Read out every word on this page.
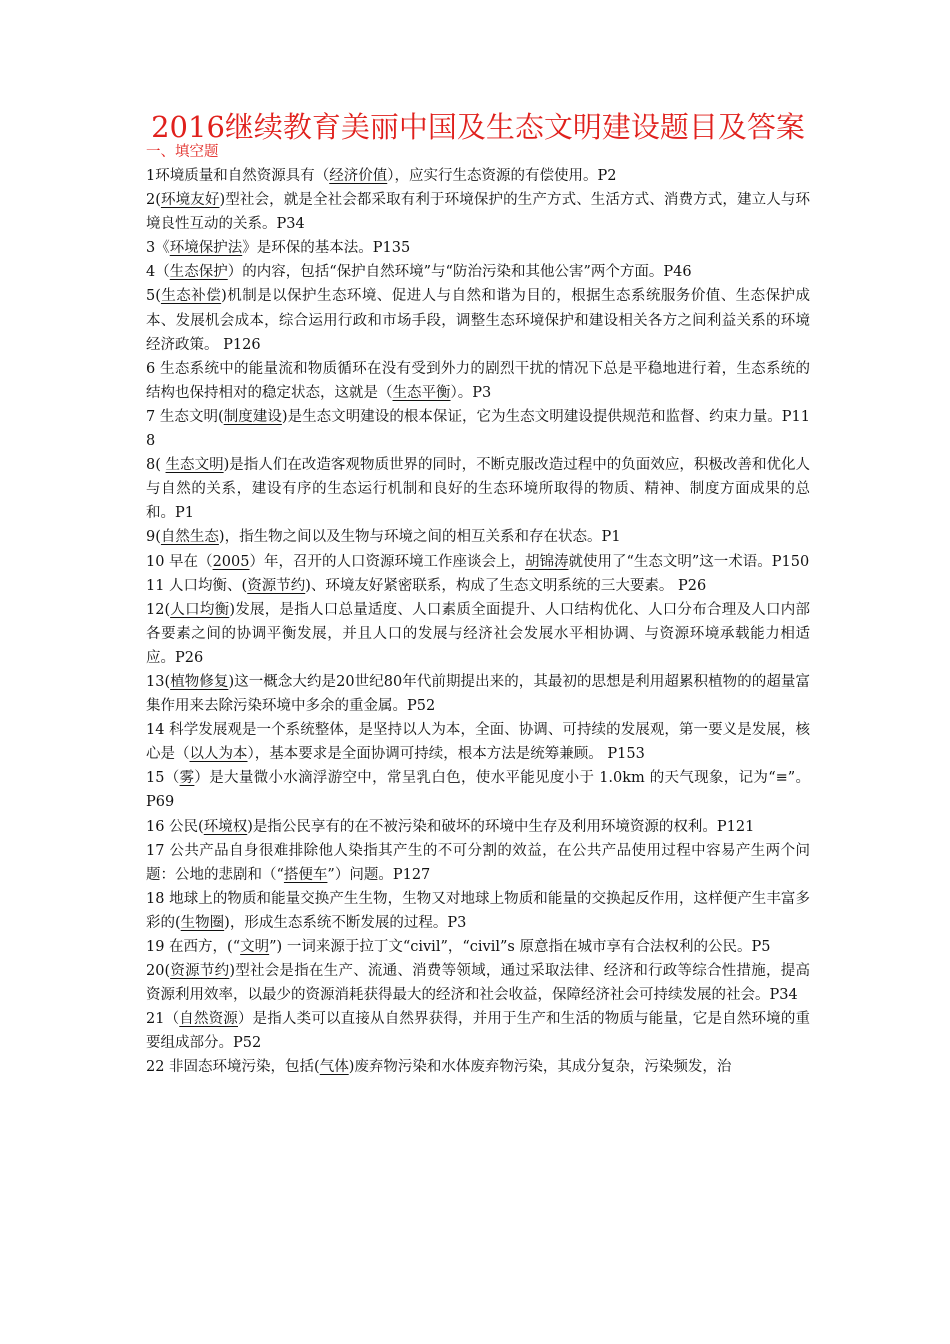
2016继续教育美丽中国及生态文明建设题目及答案
一、填空题

1环境质量和自然资源具有（经济价值），应实行生态资源的有偿使用。P2

2(环境友好)型社会，就是全社会都采取有利于环境保护的生产方式、生活方式、消费方式，建立人与环境良性互动的关系。P34

3《环境保护法》是环保的基本法。P135

4（生态保护）的内容，包括“保护自然环境”与“防治污染和其他公害”两个方面。P46

5(生态补偿)机制是以保护生态环境、促进人与自然和谐为目的，根据生态系统服务价值、生态保护成本、发展机会成本，综合运用行政和市场手段，调整生态环境保护和建设相关各方之间利益关系的环境经济政策。 P126

6 生态系统中的能量流和物质循环在没有受到外力的剧烈干扰的情况下总是平稳地进行着，生态系统的结构也保持相对的稳定状态，这就是（生态平衡）。P3

7 生态文明(制度建设)是生态文明建设的根本保证，它为生态文明建设提供规范和监督、约束力量。P118

8( 生态文明)是指人们在改造客观物质世界的同时，不断克服改造过程中的负面效应，积极改善和优化人与自然的关系，建设有序的生态运行机制和良好的生态环境所取得的物质、精神、制度方面成果的总和。P1

9(自然生态)，指生物之间以及生物与环境之间的相互关系和存在状态。P1

10 早在（2005）年，召开的人口资源环境工作座谈会上，胡锦涛就使用了“生态文明”这一术语。P150

11 人口均衡、(资源节约)、环境友好紧密联系，构成了生态文明系统的三大要素。 P26

12(人口均衡)发展，是指人口总量适度、人口素质全面提升、人口结构优化、人口分布合理及人口内部各要素之间的协调平衡发展，并且人口的发展与经济社会发展水平相协调、与资源环境承载能力相适应。P26

13(植物修复)这一概念大约是20世纪80年代前期提出来的，其最初的思想是利用超累积植物的的超量富集作用来去除污染环境中多余的重金属。P52

14 科学发展观是一个系统整体，是坚持以人为本，全面、协调、可持续的发展观，第一要义是发展，核心是（以人为本），基本要求是全面协调可持续，根本方法是统筹兼顾。 P153

15（雾）是大量微小水滴浮游空中，常呈乳白色，使水平能见度小于 1.0km 的天气现象，记为“≡”。 P69

16 公民(环境权)是指公民享有的在不被污染和破坏的环境中生存及利用环境资源的权利。P121

17 公共产品自身很难排除他人染指其产生的不可分割的效益，在公共产品使用过程中容易产生两个问题：公地的悲剧和（“搭便车”）问题。P127

18 地球上的物质和能量交换产生生物，生物又对地球上物质和能量的交换起反作用，这样便产生丰富多彩的(生物圈)，形成生态系统不断发展的过程。P3

19 在西方，(“文明”) 一词来源于拉丁文“civil”，“civil”s 原意指在城市享有合法权利的公民。P5

20(资源节约)型社会是指在生产、流通、消费等领域，通过采取法律、经济和行政等综合性措施，提高资源利用效率，以最少的资源消耗获得最大的经济和社会收益，保障经济社会可持续发展的社会。P34

21（自然资源）是指人类可以直接从自然界获得，并用于生产和生活的物质与能量，它是自然环境的重要组成部分。P52

22 非固态环境污染，包括(气体)废弃物污染和水体废弃物污染，其成分复杂，污染频发，治
